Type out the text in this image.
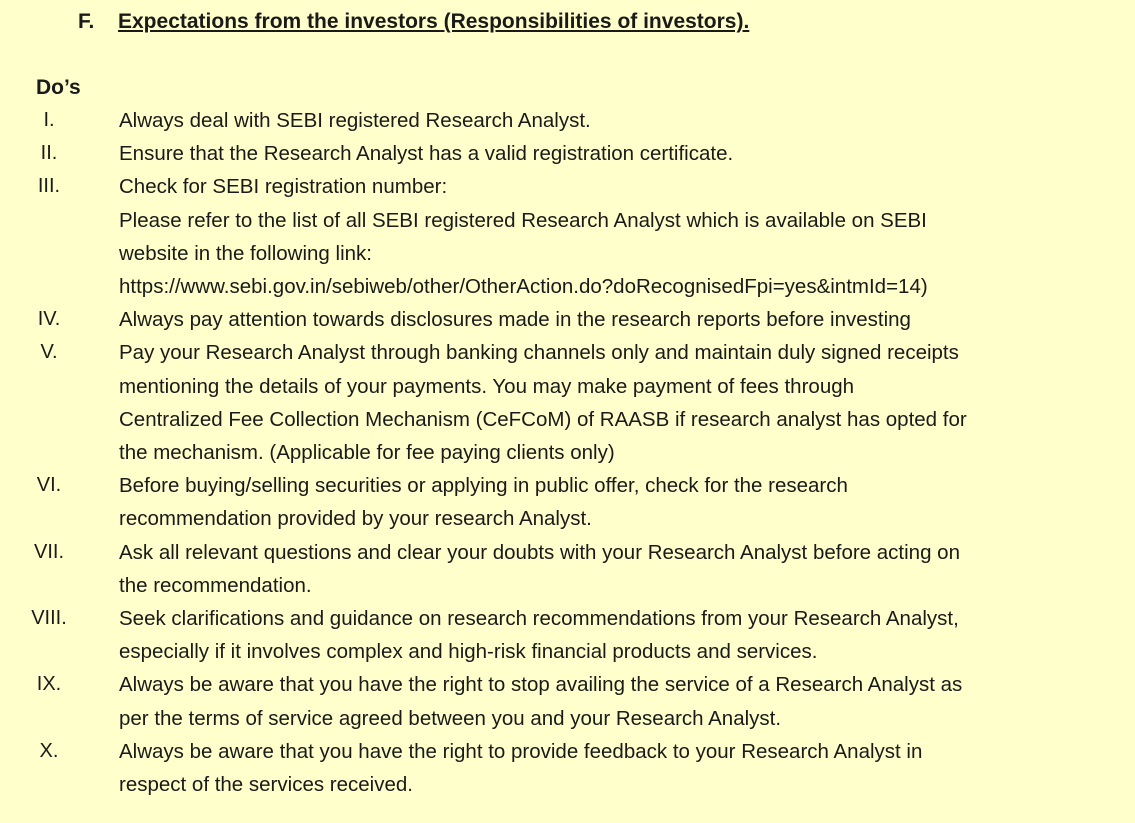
F. Expectations from the investors (Responsibilities of investors).
Do’s
I.	Always deal with SEBI registered Research Analyst.
II.	Ensure that the Research Analyst has a valid registration certificate.
III.	Check for SEBI registration number:
Please refer to the list of all SEBI registered Research Analyst which is available on SEBI
website in the following link:
https://www.sebi.gov.in/sebiweb/other/OtherAction.do?doRecognisedFpi=yes&intmId=14)
IV.	Always pay attention towards disclosures made in the research reports before investing
V.	Pay your Research Analyst through banking channels only and maintain duly signed receipts
mentioning the details of your payments. You may make payment of fees through
Centralized Fee Collection Mechanism (CeFCoM) of RAASB if research analyst has opted for
the mechanism. (Applicable for fee paying clients only)
VI.	Before buying/selling securities or applying in public offer, check for the research
recommendation provided by your research Analyst.
VII.	Ask all relevant questions and clear your doubts with your Research Analyst before acting on
the recommendation.
VIII.	Seek clarifications and guidance on research recommendations from your Research Analyst,
especially if it involves complex and high-risk financial products and services.
IX.	Always be aware that you have the right to stop availing the service of a Research Analyst as
per the terms of service agreed between you and your Research Analyst.
X.	Always be aware that you have the right to provide feedback to your Research Analyst in
respect of the services received.
